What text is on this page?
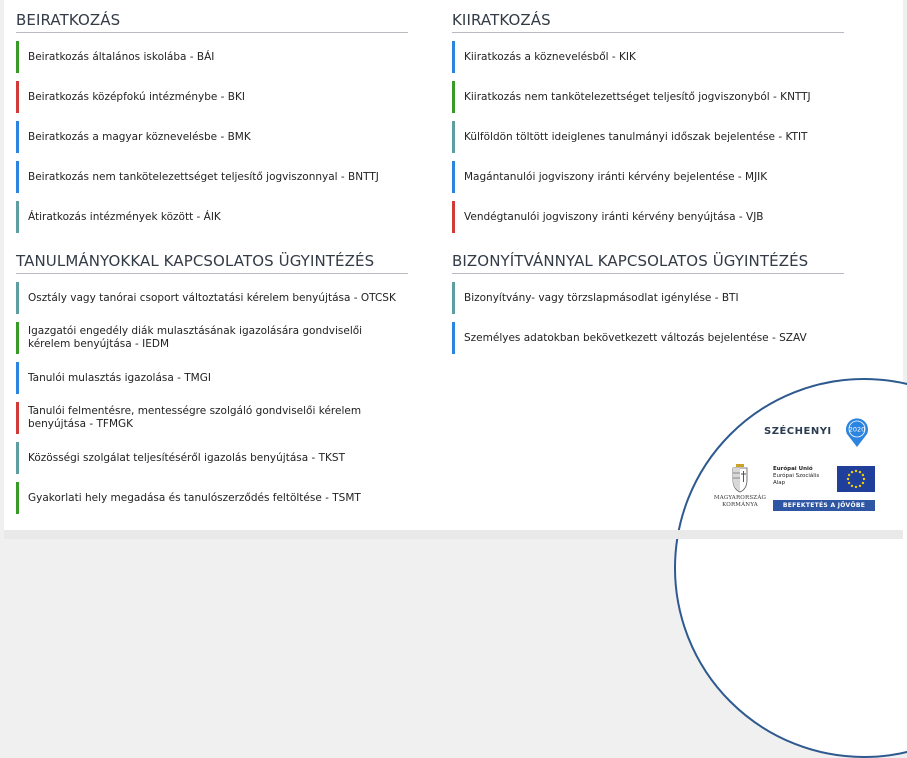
BEIRATKOZÁS
Beiratkozás általános iskolába - BÁI
Beiratkozás középfokú intézménybe - BKI
Beiratkozás a magyar köznevelésbe - BMK
Beiratkozás nem tankötelezettséget teljesítő jogviszonnyal - BNTTJ
Átiratkozás intézmények között - ÁIK
KIIRATKOZÁS
Kiiratkozás a köznevelésből - KIK
Kiiratkozás nem tankötelezettséget teljesítő jogviszonyból - KNTTJ
Külföldön töltött ideiglenes tanulmányi időszak bejelentése - KTIT
Magántanulói jogviszony iránti kérvény bejelentése - MJIK
Vendégtanulói jogviszony iránti kérvény benyújtása - VJB
TANULMÁNYOKKAL KAPCSOLATOS ÜGYINTÉZÉS
Osztály vagy tanórai csoport változtatási kérelem benyújtása - OTCSK
Igazgatói engedély diák mulasztásának igazolására gondviselői kérelem benyújtása - IEDM
Tanulói mulasztás igazolása - TMGI
Tanulói felmentésre, mentességre szolgáló gondviselői kérelem benyújtása - TFMGK
Közösségi szolgálat teljesítéséről igazolás benyújtása - TKST
Gyakorlati hely megadása és tanulószerződés feltöltése - TSMT
BIZONYÍTVÁNNYAL KAPCSOLATOS ÜGYINTÉZÉS
Bizonyítvány- vagy törzslapmásodlat igénylése - BTI
Személyes adatokban bekövetkezett változás bejelentése - SZAV
SZÉCHENYI	2020
MAGYARORSZÁG
KORMÁNYA
Európai Unió
Európai Szociális
Alap
BEFEKTETÉS A JÖVŐBE
